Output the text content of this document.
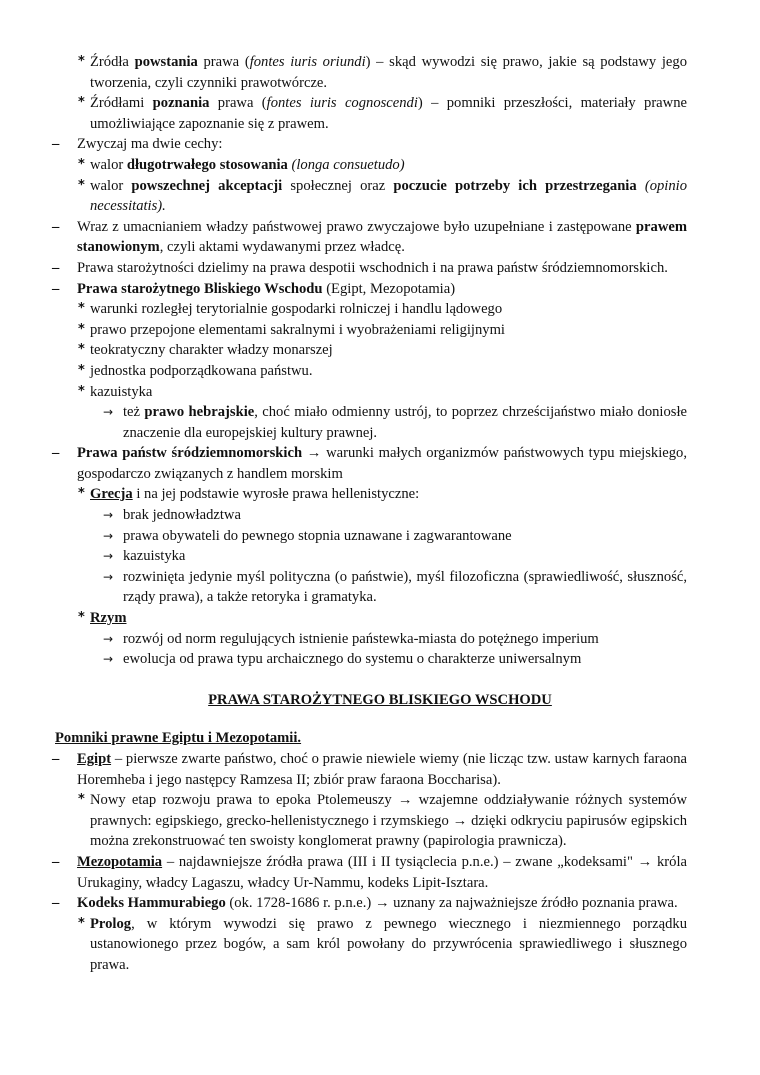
* Źródła powstania prawa (fontes iuris oriundi) – skąd wywodzi się prawo, jakie są podstawy jego tworzenia, czyli czynniki prawotwórcze.
* Źródłami poznania prawa (fontes iuris cognoscendi) – pomniki przeszłości, materiały prawne umożliwiające zapoznanie się z prawem.
– Zwyczaj ma dwie cechy:
* walor długotrwałego stosowania (longa consuetudo)
* walor powszechnej akceptacji społecznej oraz poczucie potrzeby ich przestrzegania (opinio necessitatis).
– Wraz z umacnianiem władzy państwowej prawo zwyczajowe było uzupełniane i zastępowane prawem stanowionym, czyli aktami wydawanymi przez władcę.
– Prawa starożytności dzielimy na prawa despotii wschodnich i na prawa państw śródziemnomorskich.
– Prawa starożytnego Bliskiego Wschodu (Egipt, Mezopotamia)
* warunki rozległej terytorialnie gospodarki rolniczej i handlu lądowego
* prawo przepojone elementami sakralnymi i wyobrażeniami religijnymi
* teokratyczny charakter władzy monarszej
* jednostka podporządkowana państwu.
* kazuistyka
→ też prawo hebrajskie, choć miało odmienny ustrój, to poprzez chrześcijaństwo miało doniosłe znaczenie dla europejskiej kultury prawnej.
– Prawa państw śródziemnomorskich → warunki małych organizmów państwowych typu miejskiego, gospodarczo związanych z handlem morskim
* Grecja i na jej podstawie wyrosłe prawa hellenistyczne:
→ brak jednowładztwa
→ prawa obywateli do pewnego stopnia uznawane i zagwarantowane
→ kazuistyka
→ rozwinięta jedynie myśl polityczna (o państwie), myśl filozoficzna (sprawiedliwość, słuszność, rządy prawa), a także retoryka i gramatyka.
* Rzym
→ rozwój od norm regulujących istnienie państewka-miasta do potężnego imperium
→ ewolucja od prawa typu archaicznego do systemu o charakterze uniwersalnym
PRAWA STAROŻYTNEGO BLISKIEGO WSCHODU
Pomniki prawne Egiptu i Mezopotamii.
– Egipt – pierwsze zwarte państwo, choć o prawie niewiele wiemy (nie licząc tzw. ustaw karnych faraona Horemheba i jego następcy Ramzesa II; zbiór praw faraona Boccharisa).
* Nowy etap rozwoju prawa to epoka Ptolemeuszy → wzajemne oddziaływanie różnych systemów prawnych: egipskiego, grecko-hellenistycznego i rzymskiego → dzięki odkryciu papirusów egipskich można zrekonstruować ten swoisty konglomerat prawny (papirologia prawnicza).
– Mezopotamia – najdawniejsze źródła prawa (III i II tysiąclecia p.n.e.) – zwane „kodeksami" → króla Urukaginy, władcy Lagaszu, władcy Ur-Nammu, kodeks Lipit-Isztara.
– Kodeks Hammurabiego (ok. 1728-1686 r. p.n.e.) → uznany za najważniejsze źródło poznania prawa.
* Prolog, w którym wywodzi się prawo z pewnego wiecznego i niezmiennego porządku ustanowionego przez bogów, a sam król powołany do przywrócenia sprawiedliwego i słusznego prawa.
